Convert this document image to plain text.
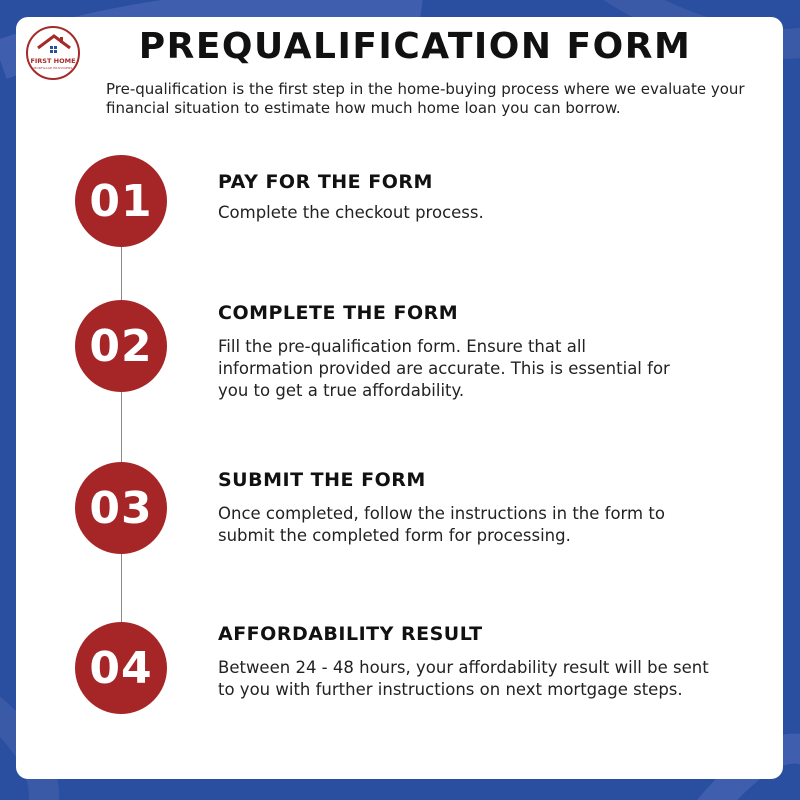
FIRST HOME
MORTGAGE PROVIDERS
PREQUALIFICATION FORM
Pre-qualification is the first step in the home-buying process where we evaluate your financial situation to estimate how much home loan you can borrow.
01	PAY FOR THE FORM
Complete the checkout process.
02
COMPLETE THE FORM
Fill the pre-qualification form. Ensure that all
information provided are accurate. This is essential for
you to get a true affordability.
03
SUBMIT THE FORM
Once completed, follow the instructions in the form to
submit the completed form for processing.
04
AFFORDABILITY RESULT
Between 24 - 48 hours, your affordability result will be sent
to you with further instructions on next mortgage steps.
